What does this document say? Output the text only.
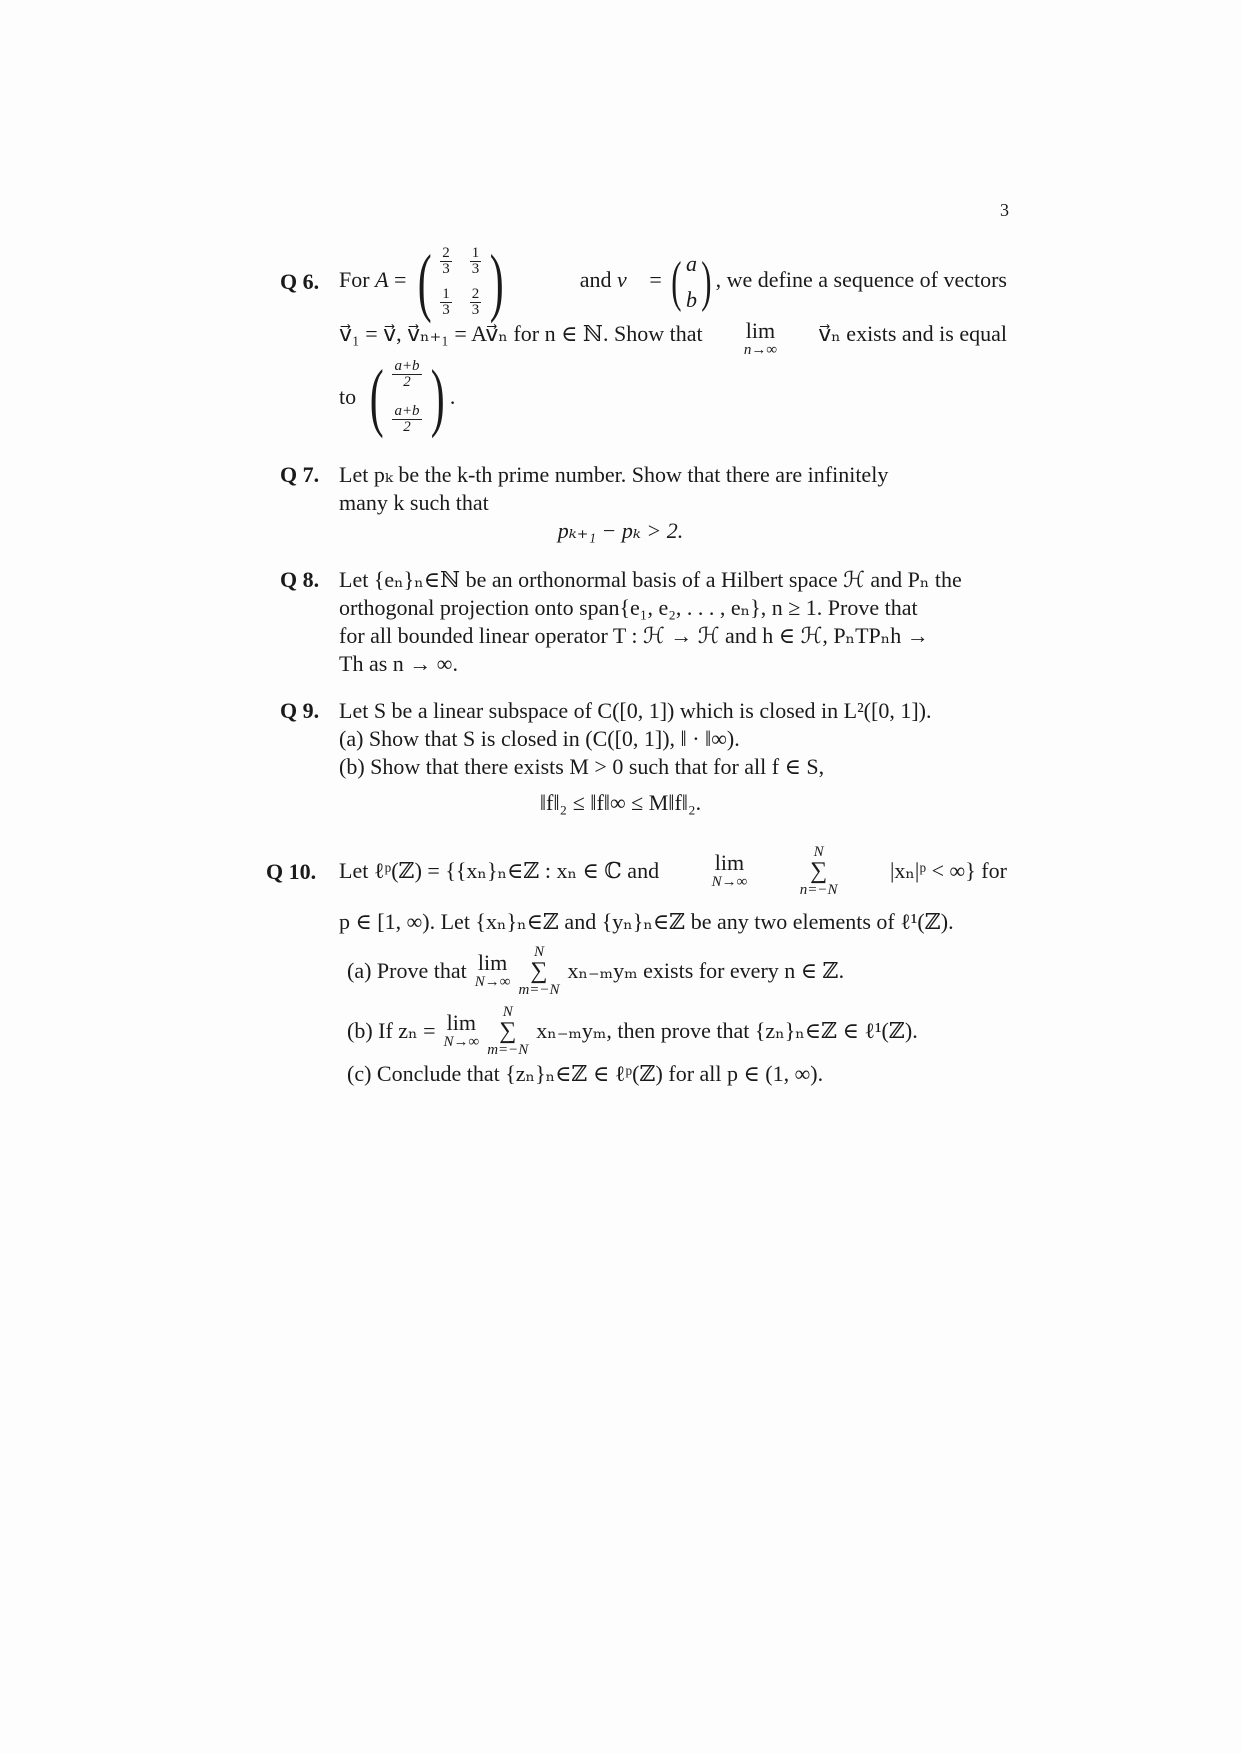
3
Q 6. For A = ( $\frac{2}{3} \frac{1}{3}$
$\frac{1}{3} \frac{2}{3}$ )	and v⃗ = ( a
b ) , we define a sequence of vectors
v⃗₁ = v⃗, v⃗ₙ₊₁ = Av⃗ₙ for n ∈ ℕ. Show that lim
n→∞
v⃗ₙ exists and is equal
to ( $\frac{a+b}{2}$
$\frac{a+b}{2}$ ) .
Q 7. Let pₖ be the k-th prime number. Show that there are infinitely
many k such that
pₖ₊₁ − pₖ > 2.
Q 8. Let {eₙ}ₙ∈ℕ be an orthonormal basis of a Hilbert space ℋ and Pₙ the
orthogonal projection onto span{e₁, e₂, . . . , eₙ}, n ≥ 1. Prove that
for all bounded linear operator T : ℋ → ℋ and h ∈ ℋ, PₙTPₙh →
Th as n → ∞.
Q 9. Let S be a linear subspace of C([0, 1]) which is closed in L²([0, 1]).
(a) Show that S is closed in (C([0, 1]), ‖ · ‖∞).
(b) Show that there exists M > 0 such that for all f ∈ S,
‖f‖₂ ≤ ‖f‖∞ ≤ M‖f‖₂.
Q 10. Let ℓᵖ(ℤ) = {{xₙ}ₙ∈ℤ : xₙ ∈ ℂ and	lim
N→∞
N
∑
n=−N
|xₙ|ᵖ < ∞} for
p ∈ [1, ∞). Let {xₙ}ₙ∈ℤ and {yₙ}ₙ∈ℤ be any two elements of ℓ¹(ℤ).
(a) Prove that lim
N→∞
N
∑
m=−N
xₙ₋ₘyₘ exists for every n ∈ ℤ.
(b) If zₙ = lim
N→∞
N
∑
m=−N
xₙ₋ₘyₘ, then prove that {zₙ}ₙ∈ℤ ∈ ℓ¹(ℤ).
(c) Conclude that {zₙ}ₙ∈ℤ ∈ ℓᵖ(ℤ) for all p ∈ (1, ∞).
